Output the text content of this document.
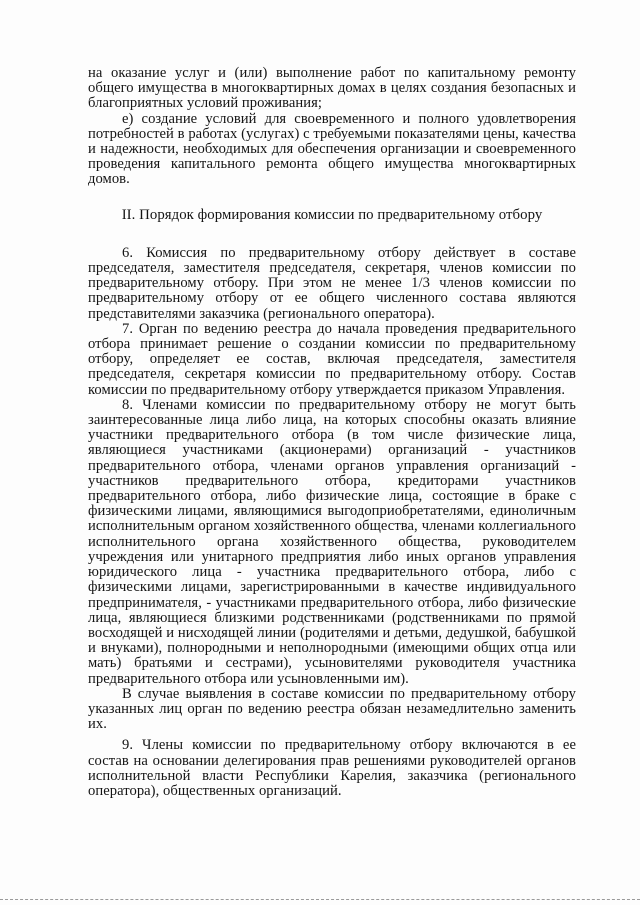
на оказание услуг и (или) выполнение работ по капитальному ремонту общего имущества в многоквартирных домах в целях создания безопасных и благоприятных условий проживания;

е) создание условий для своевременного и полного удовлетворения потребностей в работах (услугах) с требуемыми показателями цены, качества и надежности, необходимых для обеспечения организации и своевременного проведения капитального ремонта общего имущества многоквартирных домов.

II. Порядок формирования комиссии по предварительному отбору

6. Комиссия по предварительному отбору действует в составе председателя, заместителя председателя, секретаря, членов комиссии по предварительному отбору. При этом не менее 1/3 членов комиссии по предварительному отбору от ее общего численного состава являются представителями заказчика (регионального оператора).

7. Орган по ведению реестра до начала проведения предварительного отбора принимает решение о создании комиссии по предварительному отбору, определяет ее состав, включая председателя, заместителя председателя, секретаря комиссии по предварительному отбору. Состав комиссии по предварительному отбору утверждается приказом Управления.

8. Членами комиссии по предварительному отбору не могут быть заинтересованные лица либо лица, на которых способны оказать влияние участники предварительного отбора (в том числе физические лица, являющиеся участниками (акционерами) организаций - участников предварительного отбора, членами органов управления организаций - участников предварительного отбора, кредиторами участников предварительного отбора, либо физические лица, состоящие в браке с физическими лицами, являющимися выгодоприобретателями, единоличным исполнительным органом хозяйственного общества, членами коллегиального исполнительного органа хозяйственного общества, руководителем учреждения или унитарного предприятия либо иных органов управления юридического лица - участника предварительного отбора, либо с физическими лицами, зарегистрированными в качестве индивидуального предпринимателя, - участниками предварительного отбора, либо физические лица, являющиеся близкими родственниками (родственниками по прямой восходящей и нисходящей линии (родителями и детьми, дедушкой, бабушкой и внуками), полнородными и неполнородными (имеющими общих отца или мать) братьями и сестрами), усыновителями руководителя участника предварительного отбора или усыновленными им).

В случае выявления в составе комиссии по предварительному отбору указанных лиц орган по ведению реестра обязан незамедлительно заменить их.

9. Члены комиссии по предварительному отбору включаются в ее состав на основании делегирования прав решениями руководителей органов исполнительной власти Республики Карелия, заказчика (регионального оператора), общественных организаций.
